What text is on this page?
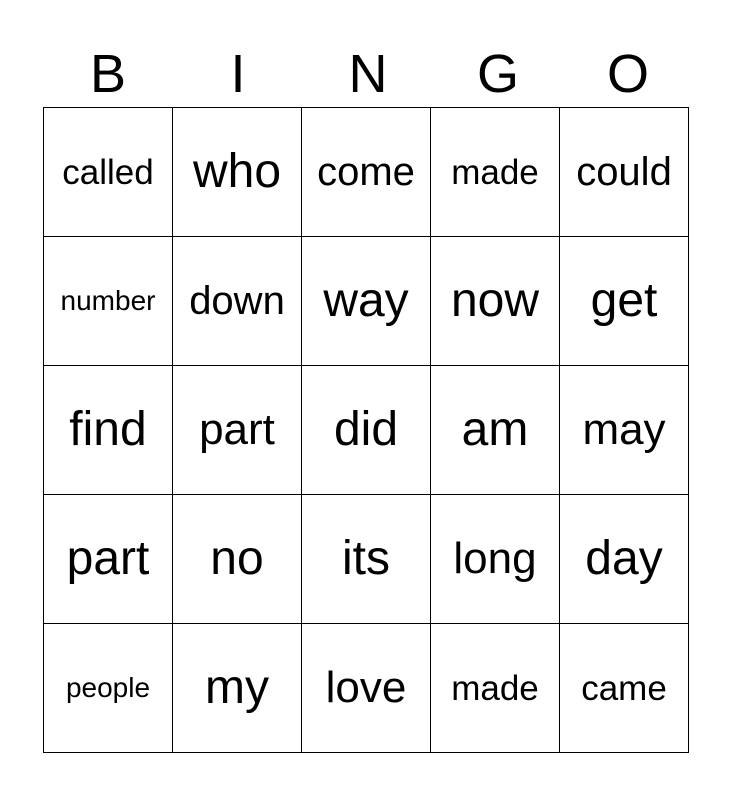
B	I	N	G	O
called	who	come	made	could
number	down	way	now	get
find	part	did	am	may
part	no	its	long	day
people	my	love	made	came
